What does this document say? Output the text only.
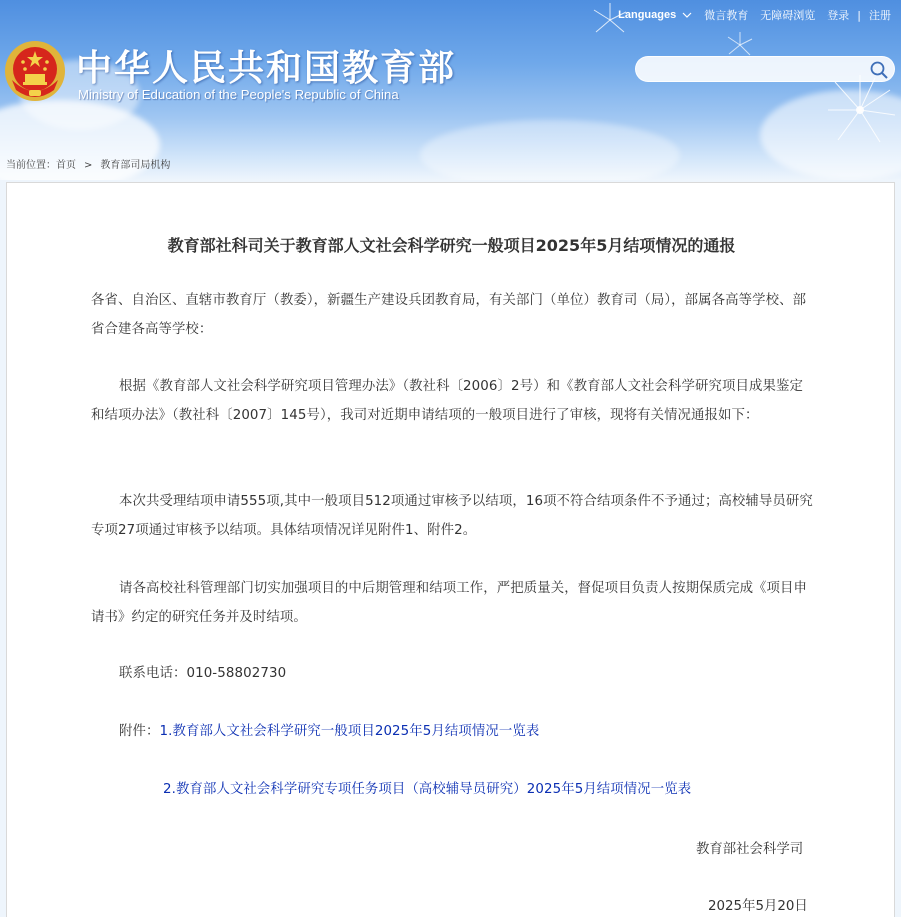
中华人民共和国教育部
Ministry of Education of the People's Republic of China
Languages	微言教育 无障碍浏览 登录 | 注册
当前位置：首页 > 教育部司局机构
教育部社科司关于教育部人文社会科学研究一般项目2025年5月结项情况的通报
各省、自治区、直辖市教育厅（教委），新疆生产建设兵团教育局，有关部门（单位）教育司（局），部属各高等学校、部省合建各高等学校：
根据《教育部人文社会科学研究项目管理办法》（教社科〔2006〕2号）和《教育部人文社会科学研究项目成果鉴定和结项办法》（教社科〔2007〕145号），我司对近期申请结项的一般项目进行了审核，现将有关情况通报如下：
本次共受理结项申请555项,其中一般项目512项通过审核予以结项，16项不符合结项条件不予通过；高校辅导员研究专项27项通过审核予以结项。具体结项情况详见附件1、附件2。
请各高校社科管理部门切实加强项目的中后期管理和结项工作，严把质量关，督促项目负责人按期保质完成《项目申请书》约定的研究任务并及时结项。
联系电话：010-58802730
附件：1.教育部人文社会科学研究一般项目2025年5月结项情况一览表
2.教育部人文社会科学研究专项任务项目（高校辅导员研究）2025年5月结项情况一览表
教育部社会科学司
2025年5月20日
